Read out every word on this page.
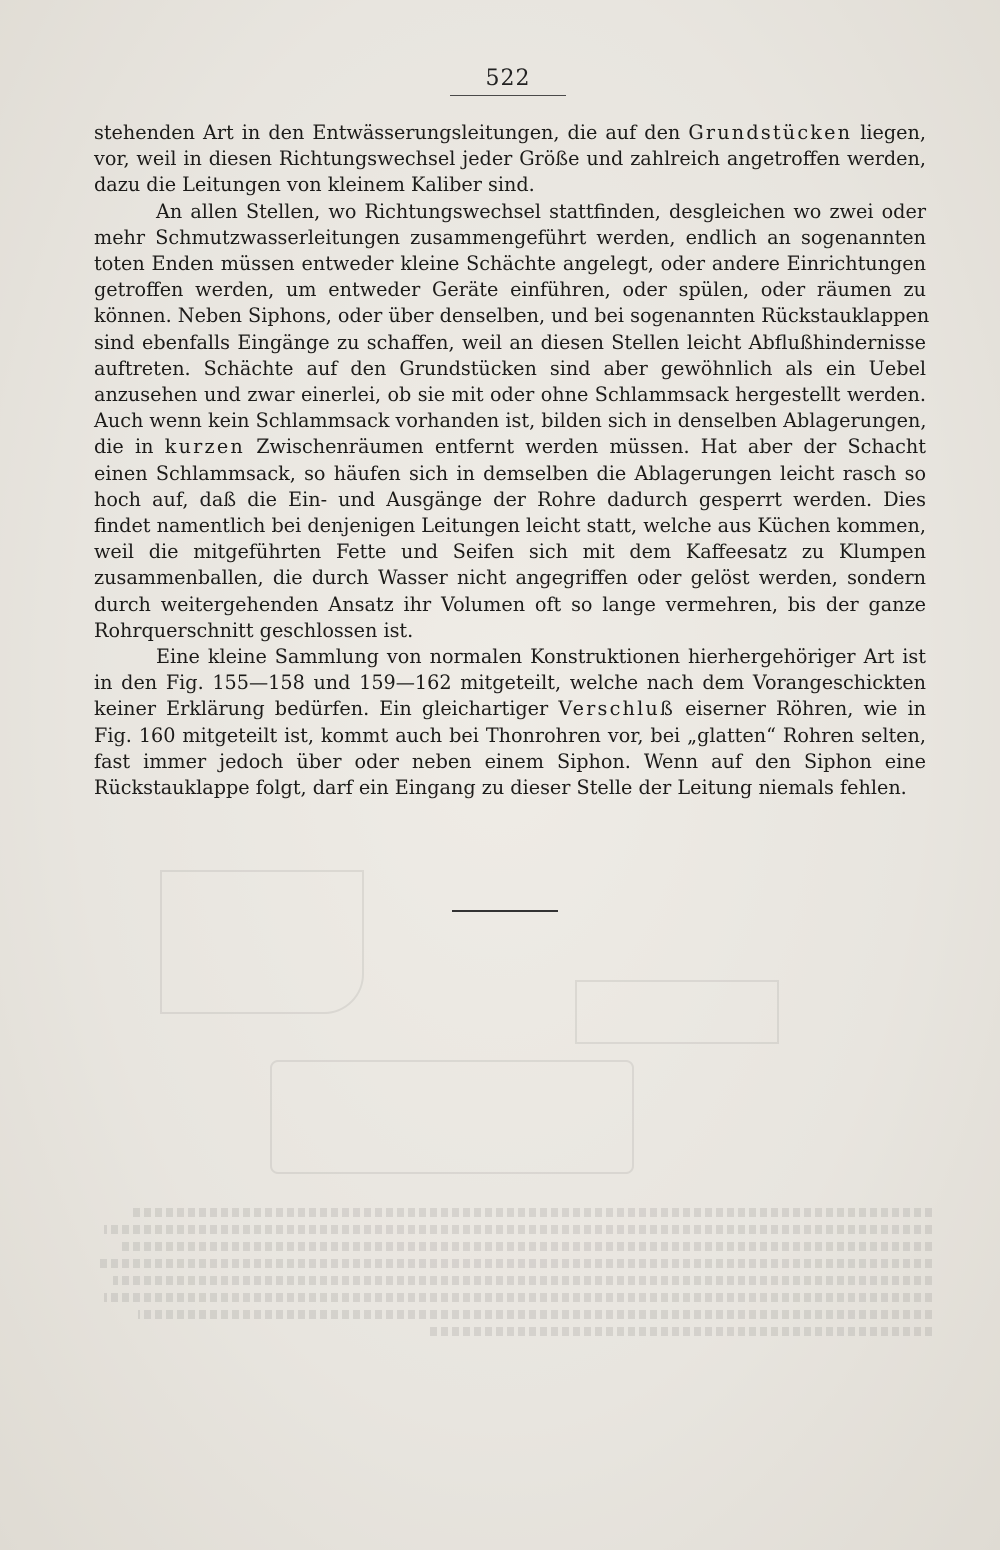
522
stehenden Art in den Entwässerungsleitungen, die auf den Grundstücken liegen,
vor, weil in diesen Richtungswechsel jeder Größe und zahlreich angetroffen werden,
dazu die Leitungen von kleinem Kaliber sind.
An allen Stellen, wo Richtungswechsel stattfinden, desgleichen wo zwei oder
mehr Schmutzwasserleitungen zusammengeführt werden, endlich an sogenannten
toten Enden müssen entweder kleine Schächte angelegt, oder andere Einrichtungen
getroffen werden, um entweder Geräte einführen, oder spülen, oder räumen zu
können. Neben Siphons, oder über denselben, und bei sogenannten Rückstauklappen
sind ebenfalls Eingänge zu schaffen, weil an diesen Stellen leicht Abflußhindernisse
auftreten. Schächte auf den Grundstücken sind aber gewöhnlich als ein Uebel
anzusehen und zwar einerlei, ob sie mit oder ohne Schlammsack hergestellt werden.
Auch wenn kein Schlammsack vorhanden ist, bilden sich in denselben Ablagerungen,
die in kurzen Zwischenräumen entfernt werden müssen. Hat aber der Schacht
einen Schlammsack, so häufen sich in demselben die Ablagerungen leicht rasch so
hoch auf, daß die Ein- und Ausgänge der Rohre dadurch gesperrt werden. Dies
findet namentlich bei denjenigen Leitungen leicht statt, welche aus Küchen kommen,
weil die mitgeführten Fette und Seifen sich mit dem Kaffeesatz zu Klumpen
zusammenballen, die durch Wasser nicht angegriffen oder gelöst werden, sondern
durch weitergehenden Ansatz ihr Volumen oft so lange vermehren, bis der ganze
Rohrquerschnitt geschlossen ist.
Eine kleine Sammlung von normalen Konstruktionen hierhergehöriger Art ist
in den Fig. 155—158 und 159—162 mitgeteilt, welche nach dem Vorangeschickten
keiner Erklärung bedürfen. Ein gleichartiger Verschluß eiserner Röhren, wie in
Fig. 160 mitgeteilt ist, kommt auch bei Thonrohren vor, bei „glatten“ Rohren selten,
fast immer jedoch über oder neben einem Siphon. Wenn auf den Siphon eine
Rückstauklappe folgt, darf ein Eingang zu dieser Stelle der Leitung niemals fehlen.
